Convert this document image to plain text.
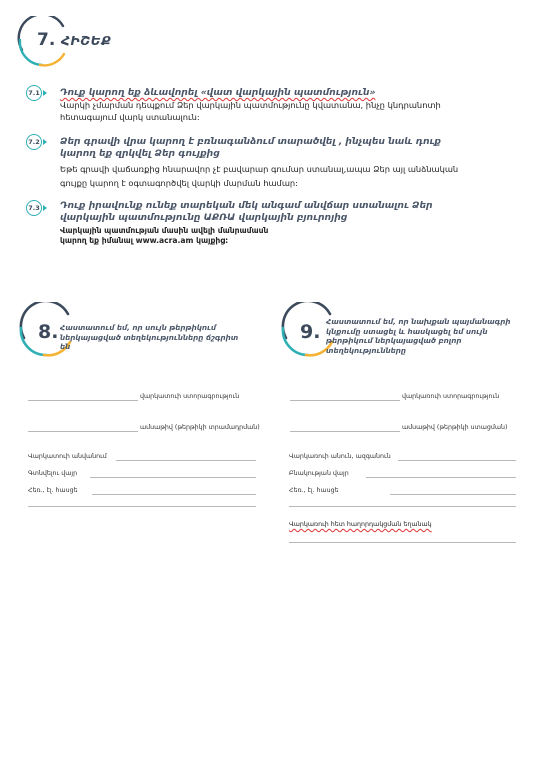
7. ՀԻՇԵՔ
7.1 Դուք կարող եք ձևավորել «վատ վարկային պատմություն»
Վարկի չմարման դեպքում Ձեր վարկային պատմությունը կվատանա, ինչը կնդրանոտի հետագայում վարկ ստանալուն:
7.2 Ձեր գրավի վրա կարող է բռնագանձում տարածվել , ինչպես նաև դուք կարող եք զրկվել Ձեր գույքից
Եթե գրավի վաճառքից հնարավոր չէ բավարար գումար ստանալ,ապա Ձեր այլ անձնական գույքը կարող է օգտագործվել վարկի մարման համար:
7.3 Դուք իրավունք ունեք տարեկան մեկ անգամ անվճար ստանալու Ձեր վարկային պատմությունը ԱՔՌԱ վարկային բյուրոյից
Վարկային պատմության մասին ավելի մանրամասն կարող եք իմանալ www.acra.am կայքից:
8. Հաստատում եմ, որ սույն թերթիկում ներկայացված տեղեկությունները ճշգրիտ են
վարկատուի ստորագրություն
ամսաթիվ (թերթիկի տրամադրման)
Վարկատուի անվանում
Գտնվելու վայր
Հեռ., էլ. հասցե
9. Հաստատում եմ, որ նախքան պայմանագրի կնքումը ստացել և հասկացել եմ սույն թերթիկում ներկայացված բոլոր տեղեկությունները
վարկառուի ստորագրություն
ամսաթիվ (թերթիկի ստացման)
Վարկառուի անուն, ազգանուն
Բնակության վայր
Հեռ., էլ. հասցե
Վարկառուի հետ հաղորդակցման եղանակ
